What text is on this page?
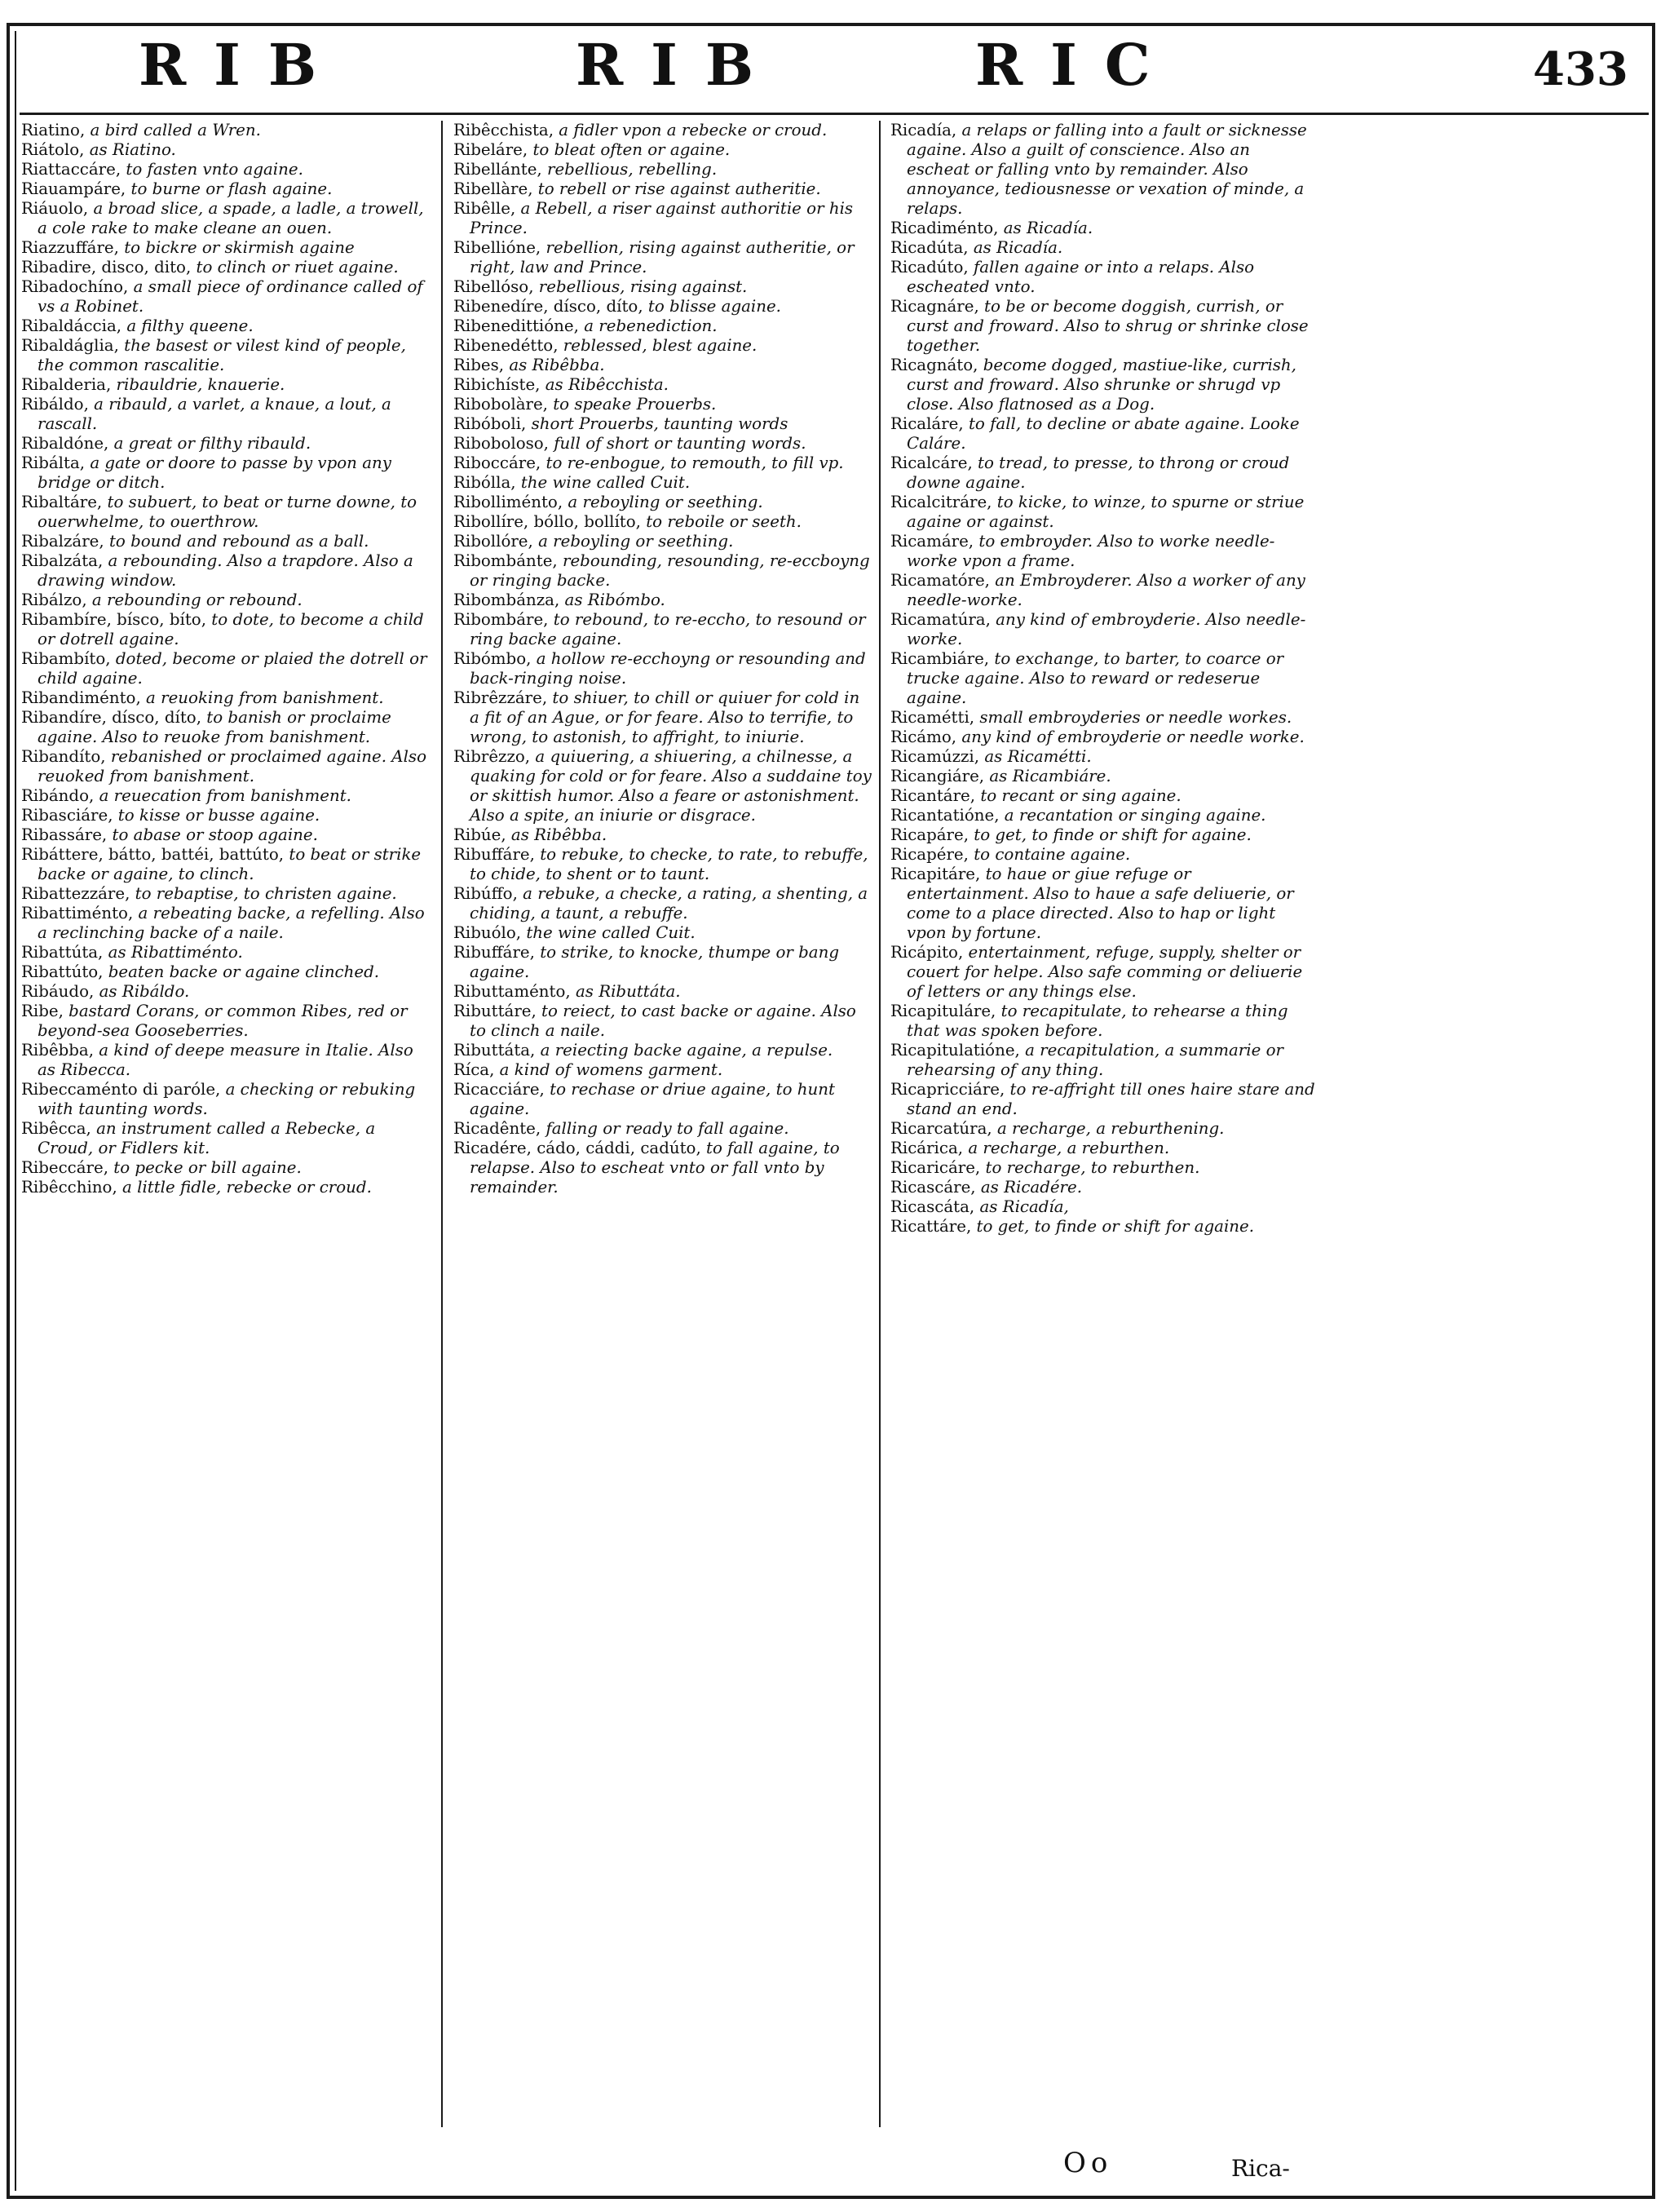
RIB	RIB	RIC	433

Riatino, a bird called a Wren.

Riátolo, as Riatino.

Riattaccáre, to fasten vnto againe.

Riauampáre, to burne or flash againe.

Riáuolo, a broad slice, a spade, a ladle, a trowell, a cole rake to make cleane an ouen.

Riazzuffáre, to bickre or skirmish againe

Ribadire, disco, dito, to clinch or riuet againe.

Ribadochíno, a small piece of ordinance called of vs a Robinet.

Ribaldáccia, a filthy queene.

Ribaldáglia, the basest or vilest kind of people, the common rascalitie.

Ribalderia, ribauldrie, knauerie.

Ribáldo, a ribauld, a varlet, a knaue, a lout, a rascall.

Ribaldóne, a great or filthy ribauld.

Ribálta, a gate or doore to passe by vpon any bridge or ditch.

Ribaltáre, to subuert, to beat or turne downe, to ouerwhelme, to ouerthrow.

Ribalzáre, to bound and rebound as a ball.

Ribalzáta, a rebounding. Also a trapdore. Also a drawing window.

Ribálzo, a rebounding or rebound.

Ribambíre, bísco, bíto, to dote, to become a child or dotrell againe.

Ribambíto, doted, become or plaied the dotrell or child againe.

Ribandiménto, a reuoking from banishment.

Ribandíre, dísco, díto, to banish or proclaime againe. Also to reuoke from banishment.

Ribandíto, rebanished or proclaimed againe. Also reuoked from banishment.

Ribándo, a reuecation from banishment.

Ribasciáre, to kisse or busse againe.

Ribassáre, to abase or stoop againe.

Ribáttere, bátto, battéi, battúto, to beat or strike backe or againe, to clinch.

Ribattezzáre, to rebaptise, to christen againe.

Ribattiménto, a rebeating backe, a refelling. Also a reclinching backe of a naile.

Ribattúta, as Ribattiménto.

Ribattúto, beaten backe or againe clinched.

Ribáudo, as Ribáldo.

Ribe, bastard Corans, or common Ribes, red or beyond-sea Gooseberries.

Ribêbba, a kind of deepe measure in Italie. Also as Ribecca.

Ribeccaménto di paróle, a checking or rebuking with taunting words.

Ribêcca, an instrument called a Rebecke, a Croud, or Fidlers kit.

Ribeccáre, to pecke or bill againe.

Ribêcchino, a little fidle, rebecke or croud.

Ribêcchista, a fidler vpon a rebecke or croud.

Ribeláre, to bleat often or againe.

Ribellánte, rebellious, rebelling.

Ribellàre, to rebell or rise against autheritie.

Ribêlle, a Rebell, a riser against authoritie or his Prince.

Ribellióne, rebellion, rising against autheritie, or right, law and Prince.

Ribellóso, rebellious, rising against.

Ribenedíre, dísco, díto, to blisse againe.

Ribenedittióne, a rebenediction.

Ribenedétto, reblessed, blest againe.

Ribes, as Ribêbba.

Ribichíste, as Ribêcchista.

Ribobolàre, to speake Prouerbs.

Ribóboli, short Prouerbs, taunting words

Riboboloso, full of short or taunting words.

Riboccáre, to re-enbogue, to remouth, to fill vp.

Ribólla, the wine called Cuit.

Ribolliménto, a reboyling or seething.

Ribollíre, bóllo, bollíto, to reboile or seeth.

Ribollóre, a reboyling or seething.

Ribombánte, rebounding, resounding, re-eccboyng or ringing backe.

Ribombánza, as Ribómbo.

Ribombáre, to rebound, to re-eccho, to resound or ring backe againe.

Ribómbo, a hollow re-ecchoyng or resounding and back-ringing noise.

Ribrêzzáre, to shiuer, to chill or quiuer for cold in a fit of an Ague, or for feare. Also to terrifie, to wrong, to astonish, to affright, to iniurie.

Ribrêzzo, a quiuering, a shiuering, a chilnesse, a quaking for cold or for feare. Also a suddaine toy or skittish humor. Also a feare or astonishment. Also a spite, an iniurie or disgrace.

Ribúe, as Ribêbba.

Ribuffáre, to rebuke, to checke, to rate, to rebuffe, to chide, to shent or to taunt.

Ribúffo, a rebuke, a checke, a rating, a shenting, a chiding, a taunt, a rebuffe.

Ribuólo, the wine called Cuit.

Ribuffáre, to strike, to knocke, thumpe or bang againe.

Ributtaménto, as Ributtáta.

Ributtáre, to reiect, to cast backe or againe. Also to clinch a naile.

Ributtáta, a reiecting backe againe, a repulse.

Ríca, a kind of womens garment.

Ricacciáre, to rechase or driue againe, to hunt againe.

Ricadênte, falling or ready to fall againe.

Ricadére, cádo, cáddi, cadúto, to fall againe, to relapse. Also to escheat vnto or fall vnto by remainder.

Ricadía, a relaps or falling into a fault or sicknesse againe. Also a guilt of conscience. Also an escheat or falling vnto by remainder. Also annoyance, tediousnesse or vexation of minde, a relaps.

Ricadiménto, as Ricadía.

Ricadúta, as Ricadía.

Ricadúto, fallen againe or into a relaps. Also escheated vnto.

Ricagnáre, to be or become doggish, currish, or curst and froward. Also to shrug or shrinke close together.

Ricagnáto, become dogged, mastiue-like, currish, curst and froward. Also shrunke or shrugd vp close. Also flatnosed as a Dog.

Ricaláre, to fall, to decline or abate againe. Looke Caláre.

Ricalcáre, to tread, to presse, to throng or croud downe againe.

Ricalcitráre, to kicke, to winze, to spurne or striue againe or against.

Ricamáre, to embroyder. Also to worke needle-worke vpon a frame.

Ricamatóre, an Embroyderer. Also a worker of any needle-worke.

Ricamatúra, any kind of embroyderie. Also needle-worke.

Ricambiáre, to exchange, to barter, to coarce or trucke againe. Also to reward or redeserue againe.

Ricamétti, small embroyderies or needle workes.

Ricámo, any kind of embroyderie or needle worke.

Ricamúzzi, as Ricamétti.

Ricangiáre, as Ricambiáre.

Ricantáre, to recant or sing againe.

Ricantatióne, a recantation or singing againe.

Ricapáre, to get, to finde or shift for againe.

Ricapére, to containe againe.

Ricapitáre, to haue or giue refuge or entertainment. Also to haue a safe deliuerie, or come to a place directed. Also to hap or light vpon by fortune.

Ricápito, entertainment, refuge, supply, shelter or couert for helpe. Also safe comming or deliuerie of letters or any things else.

Ricapituláre, to recapitulate, to rehearse a thing that was spoken before.

Ricapitulatióne, a recapitulation, a summarie or rehearsing of any thing.

Ricapricciáre, to re-affright till ones haire stare and stand an end.

Ricarcatúra, a recharge, a reburthening.

Ricárica, a recharge, a reburthen.

Ricaricáre, to recharge, to reburthen.

Ricascáre, as Ricadére.

Ricascáta, as Ricadía,

Ricattáre, to get, to finde or shift for againe.

Oo	Rica-
